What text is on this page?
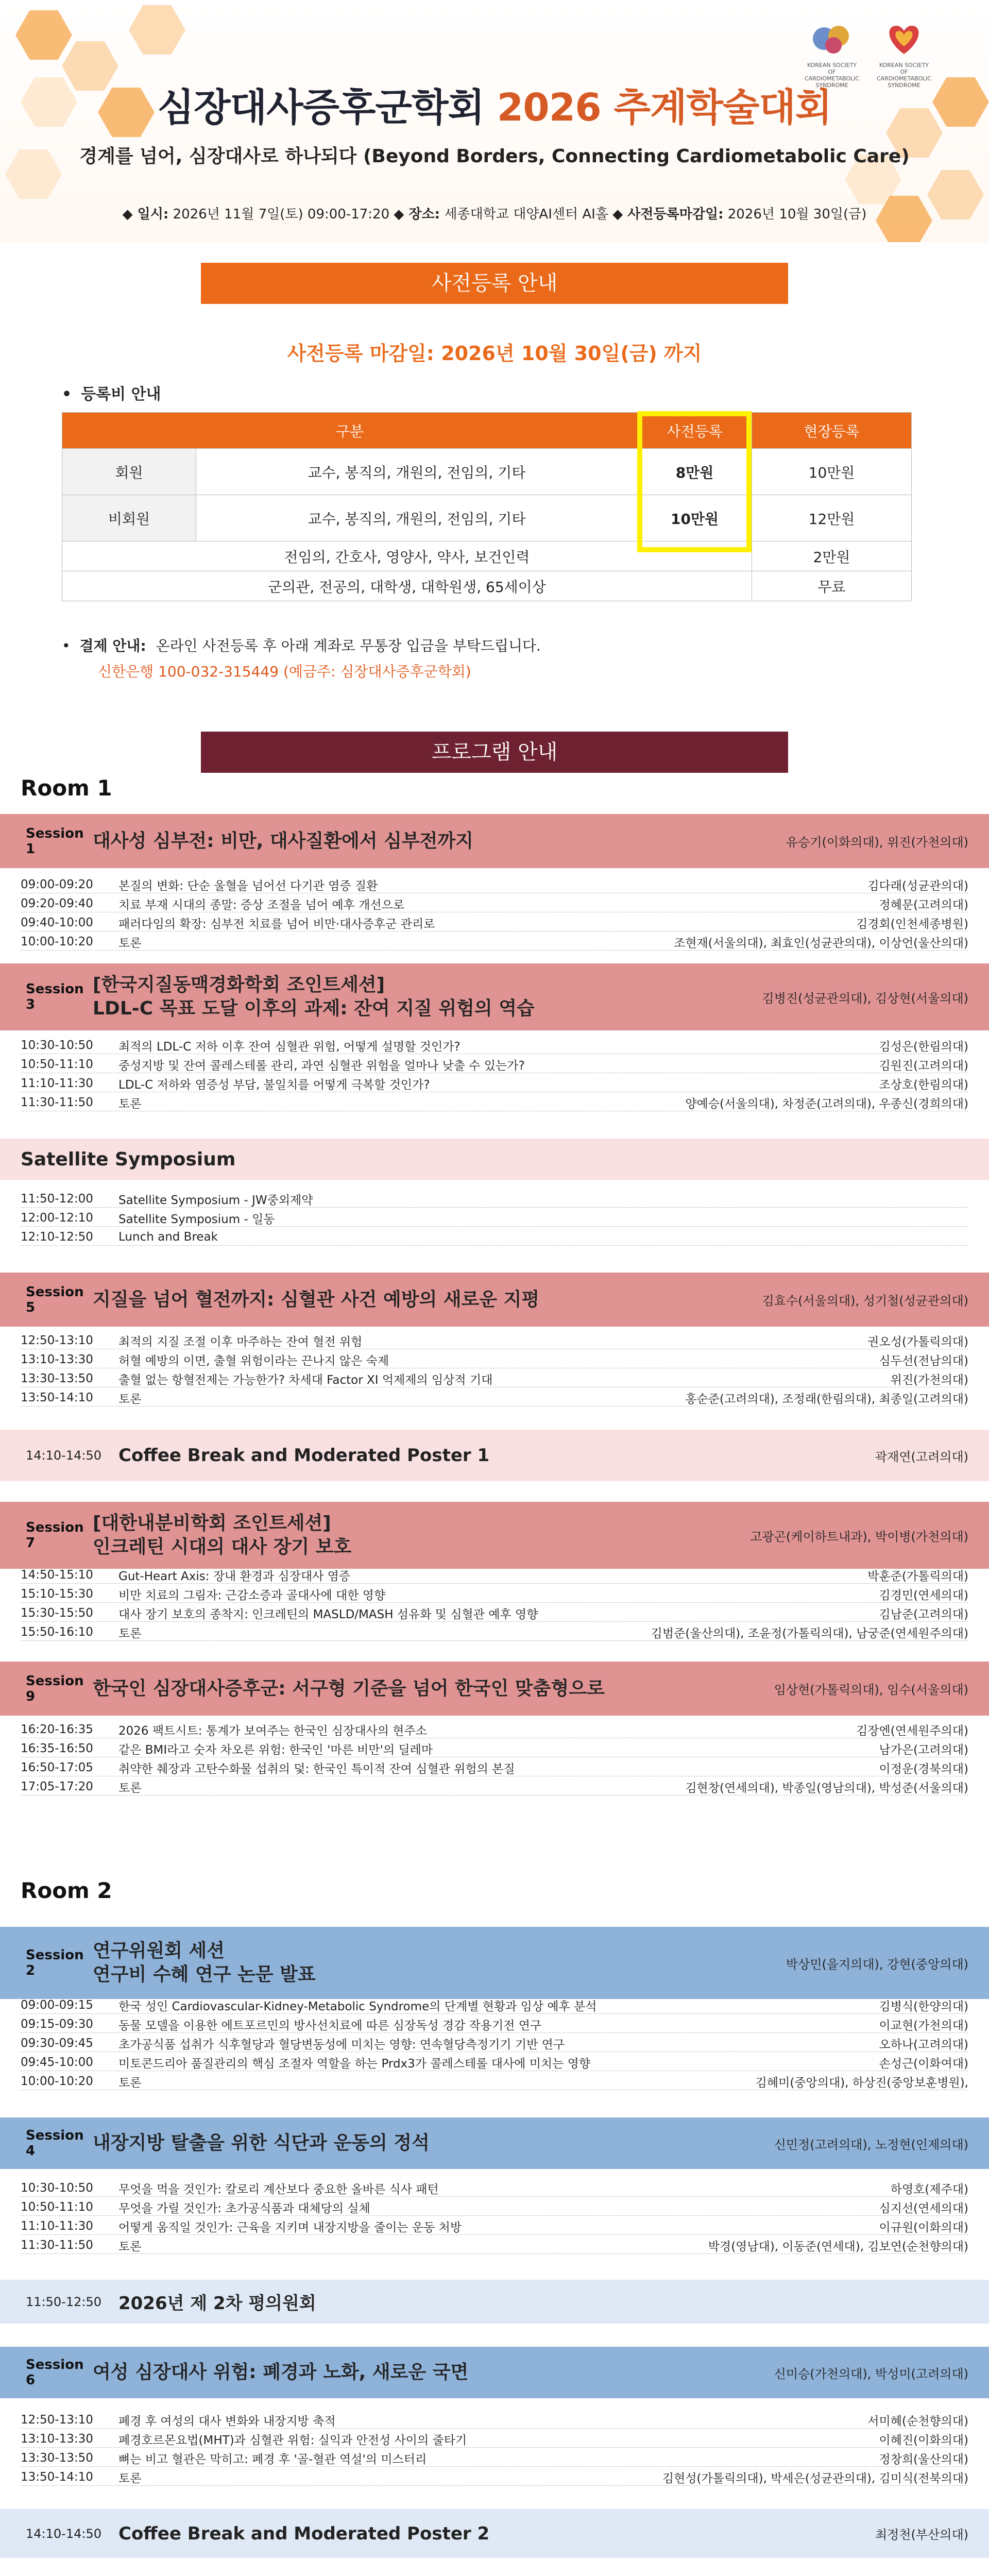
KOREAN SOCIETY OF CARDIOMETABOLIC SYNDROME
KOREAN SOCIETY OF CARDIOMETABOLIC SYNDROME
심장대사증후군학회 2026 추계학술대회
경계를 넘어, 심장대사로 하나되다 (Beyond Borders, Connecting Cardiometabolic Care)
◆ 일시: 2026년 11월 7일(토) 09:00-17:20 ◆ 장소: 세종대학교 대양AI센터 AI홀 ◆ 사전등록마감일: 2026년 10월 30일(금)
사전등록 안내
사전등록 마감일: 2026년 10월 30일(금) 까지
• 등록비 안내
구분		사전등록	현장등록
회원	교수, 봉직의, 개원의, 전임의, 기타	8만원	10만원
비회원	교수, 봉직의, 개원의, 전임의, 기타	10만원	12만원
전임의, 간호사, 영양사, 약사, 보건인력			2만원
군의관, 전공의, 대학생, 대학원생, 65세이상			무료
• 결제 안내: 온라인 사전등록 후 아래 계좌로 무통장 입금을 부탁드립니다.
신한은행 100-032-315449 (예금주: 심장대사증후군학회)
프로그램 안내
Room 1
Session 1	대사성 심부전: 비만, 대사질환에서 심부전까지	유승기(이화의대), 위진(가천의대)
09:00-09:20	본질의 변화: 단순 울혈을 넘어선 다기관 염증 질환	김다래(성균관의대)
09:20-09:40	치료 부재 시대의 종말: 증상 조절을 넘어 예후 개선으로	정혜문(고려의대)
09:40-10:00	패러다임의 확장: 심부전 치료를 넘어 비만·대사증후군 관리로	김경회(인천세종병원)
10:00-10:20	토론	조현재(서울의대), 최효인(성균관의대), 이상언(울산의대)
Session 3
[한국지질동맥경화학회 조인트세션]
LDL-C 목표 도달 이후의 과제: 잔여 지질 위험의 역습	김병진(성균관의대), 김상현(서울의대)
10:30-10:50	최적의 LDL-C 저하 이후 잔여 심혈관 위험, 어떻게 설명할 것인가?	김성은(한림의대)
10:50-11:10	중성지방 및 잔여 콜레스테롤 관리, 과연 심혈관 위험을 얼마나 낮출 수 있는가?	김원진(고려의대)
11:10-11:30	LDL-C 저하와 염증성 부담, 불일치를 어떻게 극복할 것인가?	조상호(한림의대)
11:30-11:50	토론	양예승(서울의대), 차정준(고려의대), 우종신(경희의대)
Satellite Symposium
11:50-12:00	Satellite Symposium - JW중외제약
12:00-12:10	Satellite Symposium - 일동
12:10-12:50	Lunch and Break
Session 5	지질을 넘어 혈전까지: 심혈관 사건 예방의 새로운 지평	김효수(서울의대), 성기철(성균관의대)
12:50-13:10	최적의 지질 조절 이후 마주하는 잔여 혈전 위험	권오성(가톨릭의대)
13:10-13:30	허혈 예방의 이면, 출혈 위험이라는 끈나지 않은 숙제	심두선(전남의대)
13:30-13:50	출혈 없는 항혈전제는 가능한가? 차세대 Factor XI 억제제의 임상적 기대	위진(가천의대)
13:50-14:10	토론	홍순준(고려의대), 조정래(한림의대), 최종일(고려의대)
14:10-14:50 Coffee Break and Moderated Poster 1	곽재연(고려의대)
Session 7
[대한내분비학회 조인트세션]
인크레틴 시대의 대사 장기 보호	고광곤(케이하트내과), 박이병(가천의대)
14:50-15:10	Gut-Heart Axis: 장내 환경과 심장대사 염증	박훈준(가톨릭의대)
15:10-15:30	비만 치료의 그림자: 근감소증과 골대사에 대한 영향	김경민(연세의대)
15:30-15:50	대사 장기 보호의 종착지: 인크레틴의 MASLD/MASH 섬유화 및 심혈관 예후 영향	김남준(고려의대)
15:50-16:10	토론	김범준(울산의대), 조윤정(가톨릭의대), 남궁준(연세원주의대)
Session 9	한국인 심장대사증후군: 서구형 기준을 넘어 한국인 맞춤형으로	임상현(가톨릭의대), 임수(서울의대)
16:20-16:35	2026 팩트시트: 통계가 보여주는 한국인 심장대사의 현주소	김장엔(연세원주의대)
16:35-16:50	같은 BMI라고 숫자 차오른 위험: 한국인 '마른 비만'의 딜레마	남가은(고려의대)
16:50-17:05	취약한 췌장과 고탄수화물 섭취의 덫: 한국인 특이적 잔여 심혈관 위험의 본질	이정운(경북의대)
17:05-17:20	토론	김현창(연세의대), 박종일(영남의대), 박성준(서울의대)
Room 2
Session 2
연구위원회 세션
연구비 수혜 연구 논문 발표	박상민(을지의대), 강현(중앙의대)
09:00-09:15	한국 성인 Cardiovascular-Kidney-Metabolic Syndrome의 단계별 현황과 임상 예후 분석	김병식(한양의대)
09:15-09:30	동물 모델을 이용한 에트포르민의 방사선치료에 따른 심장독성 경감 작용기전 연구	이교현(가천의대)
09:30-09:45	초가공식품 섭취가 식후혈당과 혈당변동성에 미치는 영향: 연속혈당측정기기 기반 연구	오하나(고려의대)
09:45-10:00	미토콘드리아 품질관리의 핵심 조절자 역할을 하는 Prdx3가 콜레스테롤 대사에 미치는 영향	손성근(이화여대)
10:00-10:20	토론	김혜미(중앙의대), 하상진(중앙보훈병원),
Session 4	내장지방 탈출을 위한 식단과 운동의 정석	신민정(고려의대), 노정현(인제의대)
10:30-10:50	무엇을 먹을 것인가: 칼로리 계산보다 중요한 올바른 식사 패턴	하영호(제주대)
10:50-11:10	무엇을 가릴 것인가: 초가공식품과 대체당의 실체	심지선(연세의대)
11:10-11:30	어떻게 움직일 것인가: 근육을 지키며 내장지방을 줄이는 운동 처방	이규원(이화의대)
11:30-11:50	토론	박경(영남대), 이동준(연세대), 김보연(순천향의대)
11:50-12:50 2026년 제 2차 평의원회
Session 6	여성 심장대사 위험: 폐경과 노화, 새로운 국면	신미승(가천의대), 박성미(고려의대)
12:50-13:10	폐경 후 여성의 대사 변화와 내장지방 축적	서미혜(순천향의대)
13:10-13:30	폐경호르몬요법(MHT)과 심혈관 위험: 실익과 안전성 사이의 줄타기	이혜진(이화의대)
13:30-13:50	뼈는 비고 혈관은 막히고: 폐경 후 '골-혈관 역설'의 미스터리	정창희(울산의대)
13:50-14:10	토론	김현성(가톨릭의대), 박세은(성균관의대), 김미식(전북의대)
14:10-14:50 Coffee Break and Moderated Poster 2	최정천(부산의대)
